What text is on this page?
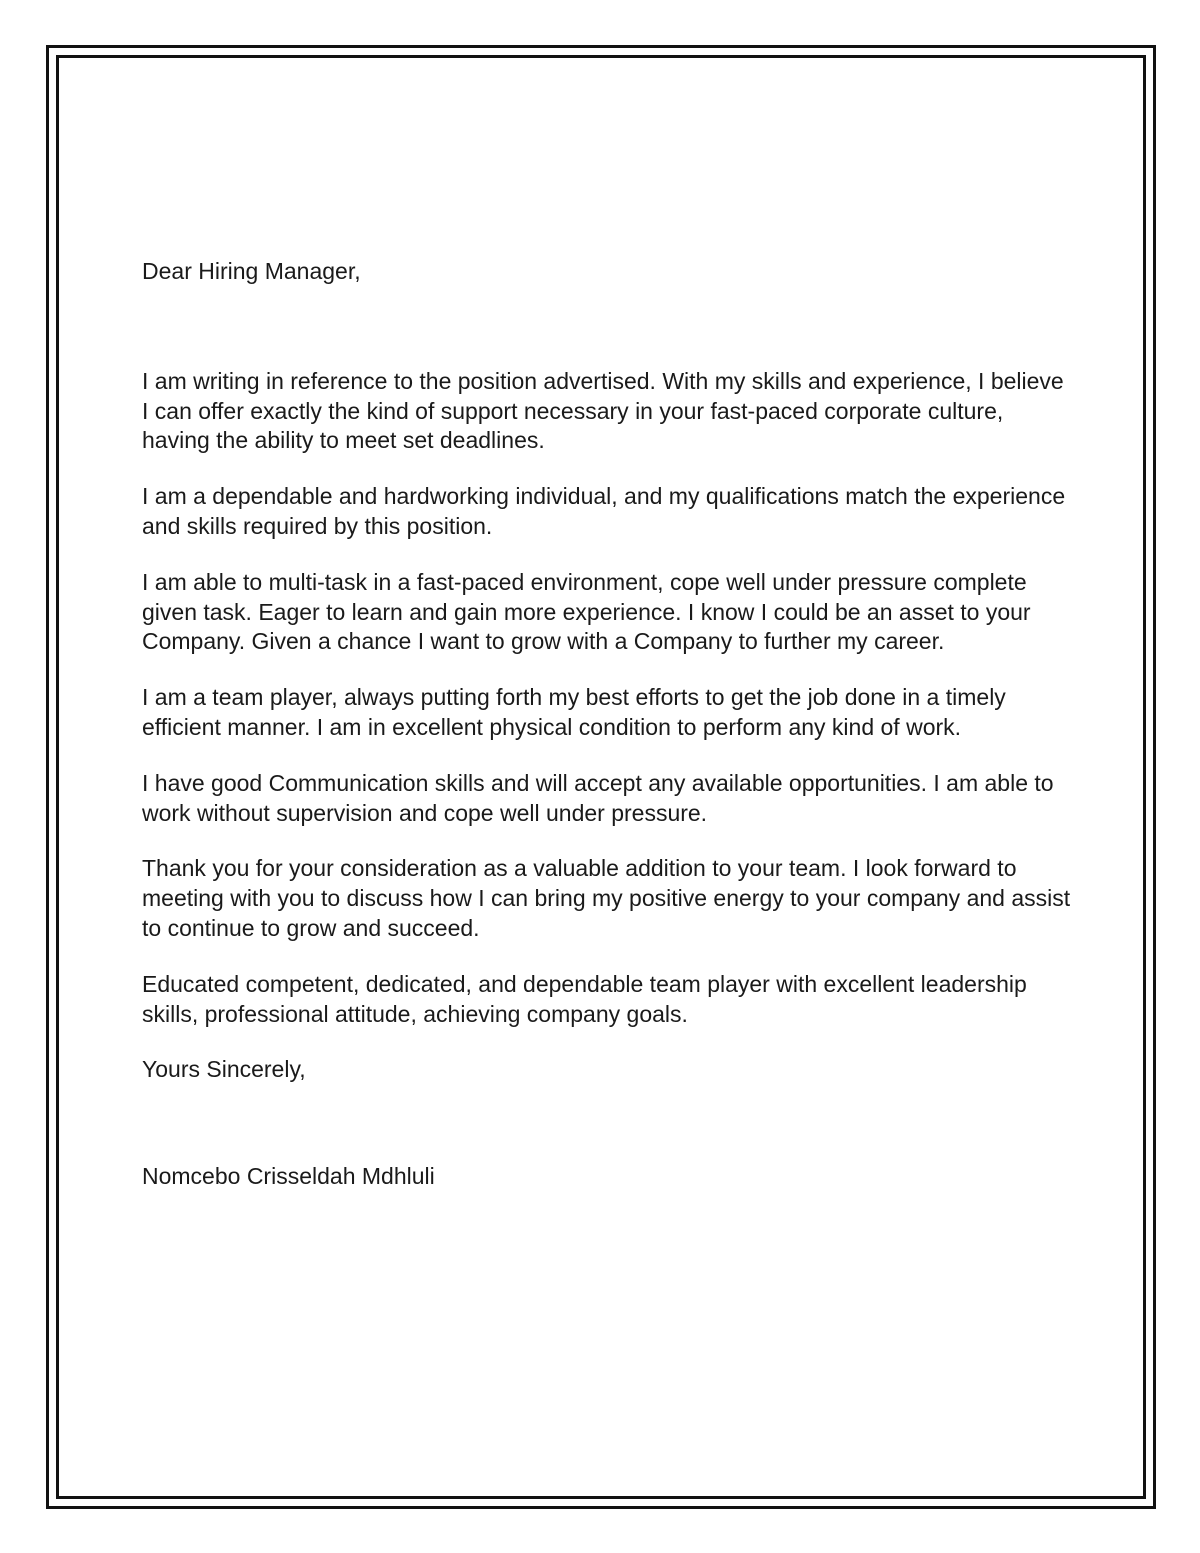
Dear Hiring Manager,

I am writing in reference to the position advertised. With my skills and experience, I believe I can offer exactly the kind of support necessary in your fast-paced corporate culture, having the ability to meet set deadlines.

I am a dependable and hardworking individual, and my qualifications match the experience and skills required by this position.

I am able to multi-task in a fast-paced environment, cope well under pressure complete given task. Eager to learn and gain more experience. I know I could be an asset to your Company. Given a chance I want to grow with a Company to further my career.

I am a team player, always putting forth my best efforts to get the job done in a timely efficient manner. I am in excellent physical condition to perform any kind of work.

I have good Communication skills and will accept any available opportunities. I am able to work without supervision and cope well under pressure.

Thank you for your consideration as a valuable addition to your team. I look forward to meeting with you to discuss how I can bring my positive energy to your company and assist to continue to grow and succeed.

Educated competent, dedicated, and dependable team player with excellent leadership skills, professional attitude, achieving company goals.

Yours Sincerely,

Nomcebo Crisseldah Mdhluli
